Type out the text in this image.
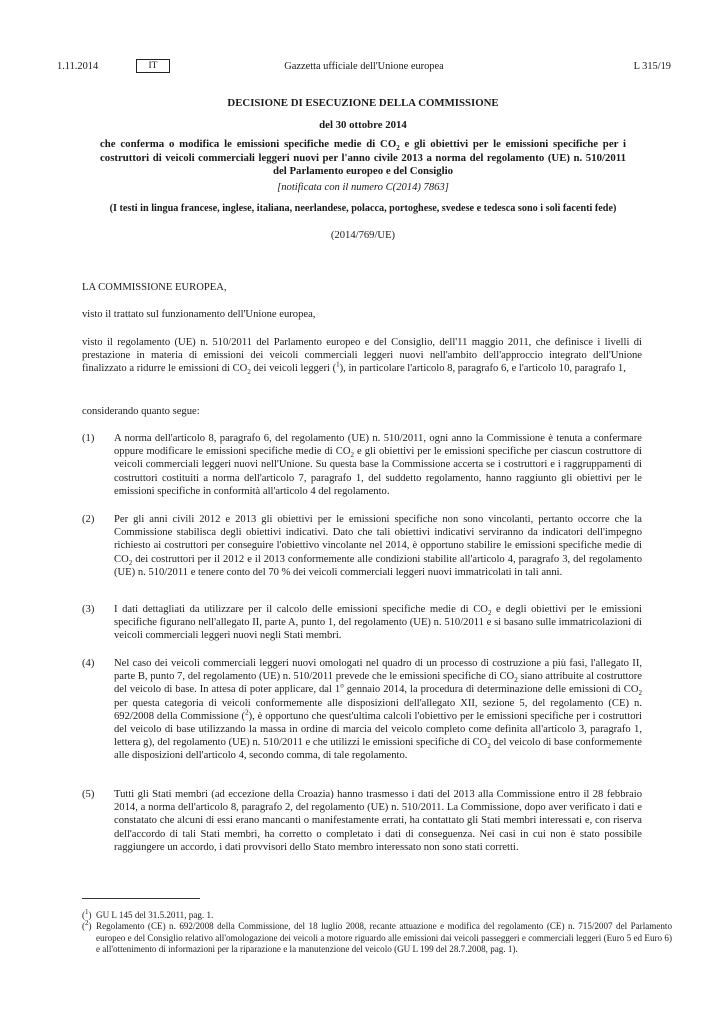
1.11.2014	IT	Gazzetta ufficiale dell'Unione europea	L 315/19
DECISIONE DI ESECUZIONE DELLA COMMISSIONE
del 30 ottobre 2014
che conferma o modifica le emissioni specifiche medie di $CO_2$ e gli obiettivi per le emissioni specifiche per i costruttori di veicoli commerciali leggeri nuovi per l'anno civile 2013 a norma del regolamento (UE) n. 510/2011 del Parlamento europeo e del Consiglio
[notificata con il numero C(2014) 7863]
(I testi in lingua francese, inglese, italiana, neerlandese, polacca, portoghese, svedese e tedesca sono i soli facenti fede)
(2014/769/UE)
LA COMMISSIONE EUROPEA,
visto il trattato sul funzionamento dell'Unione europea,
visto il regolamento (UE) n. 510/2011 del Parlamento europeo e del Consiglio, dell'11 maggio 2011, che definisce i livelli di prestazione in materia di emissioni dei veicoli commerciali leggeri nuovi nell'ambito dell'approccio integrato dell'Unione finalizzato a ridurre le emissioni di $CO_2$ dei veicoli leggeri ($^1$), in particolare l'articolo 8, paragrafo 6, e l'articolo 10, paragrafo 1,
considerando quanto segue:
(1) A norma dell'articolo 8, paragrafo 6, del regolamento (UE) n. 510/2011, ogni anno la Commissione è tenuta a confermare oppure modificare le emissioni specifiche medie di $CO_2$ e gli obiettivi per le emissioni specifiche per ciascun costruttore di veicoli commerciali leggeri nuovi nell'Unione. Su questa base la Commissione accerta se i costruttori e i raggruppamenti di costruttori costituiti a norma dell'articolo 7, paragrafo 1, del suddetto regolamento, hanno raggiunto gli obiettivi per le emissioni specifiche in conformità all'articolo 4 del regolamento.
(2) Per gli anni civili 2012 e 2013 gli obiettivi per le emissioni specifiche non sono vincolanti, pertanto occorre che la Commissione stabilisca degli obiettivi indicativi. Dato che tali obiettivi indicativi serviranno da indicatori dell'impegno richiesto ai costruttori per conseguire l'obiettivo vincolante nel 2014, è opportuno stabilire le emissioni specifiche medie di $CO_2$ dei costruttori per il 2012 e il 2013 conformemente alle condizioni stabilite all'articolo 4, paragrafo 3, del regolamento (UE) n. 510/2011 e tenere conto del 70 % dei veicoli commerciali leggeri nuovi immatricolati in tali anni.
(3) I dati dettagliati da utilizzare per il calcolo delle emissioni specifiche medie di $CO_2$ e degli obiettivi per le emissioni specifiche figurano nell'allegato II, parte A, punto 1, del regolamento (UE) n. 510/2011 e si basano sulle immatricolazioni di veicoli commerciali leggeri nuovi negli Stati membri.
(4) Nel caso dei veicoli commerciali leggeri nuovi omologati nel quadro di un processo di costruzione a più fasi, l'allegato II, parte B, punto 7, del regolamento (UE) n. 510/2011 prevede che le emissioni specifiche di $CO_2$ siano attribuite al costruttore del veicolo di base. In attesa di poter applicare, dal 1$^o$ gennaio 2014, la procedura di determinazione delle emissioni di $CO_2$ per questa categoria di veicoli conformemente alle disposizioni dell'allegato XII, sezione 5, del regolamento (CE) n. 692/2008 della Commissione ($^2$), è opportuno che quest'ultima calcoli l'obiettivo per le emissioni specifiche per i costruttori del veicolo di base utilizzando la massa in ordine di marcia del veicolo completo come definita all'articolo 3, paragrafo 1, lettera g), del regolamento (UE) n. 510/2011 e che utilizzi le emissioni specifiche di $CO_2$ del veicolo di base conformemente alle disposizioni dell'articolo 4, secondo comma, di tale regolamento.
(5) Tutti gli Stati membri (ad eccezione della Croazia) hanno trasmesso i dati del 2013 alla Commissione entro il 28 febbraio 2014, a norma dell'articolo 8, paragrafo 2, del regolamento (UE) n. 510/2011. La Commissione, dopo aver verificato i dati e constatato che alcuni di essi erano mancanti o manifestamente errati, ha contattato gli Stati membri interessati e, con riserva dell'accordo di tali Stati membri, ha corretto o completato i dati di conseguenza. Nei casi in cui non è stato possibile raggiungere un accordo, i dati provvisori dello Stato membro interessato non sono stati corretti.
($^1$) GU L 145 del 31.5.2011, pag. 1.
($^2$) Regolamento (CE) n. 692/2008 della Commissione, del 18 luglio 2008, recante attuazione e modifica del regolamento (CE) n. 715/2007 del Parlamento europeo e del Consiglio relativo all'omologazione dei veicoli a motore riguardo alle emissioni dai veicoli passeggeri e commerciali leggeri (Euro 5 ed Euro 6) e all'ottenimento di informazioni per la riparazione e la manutenzione del veicolo (GU L 199 del 28.7.2008, pag. 1).
